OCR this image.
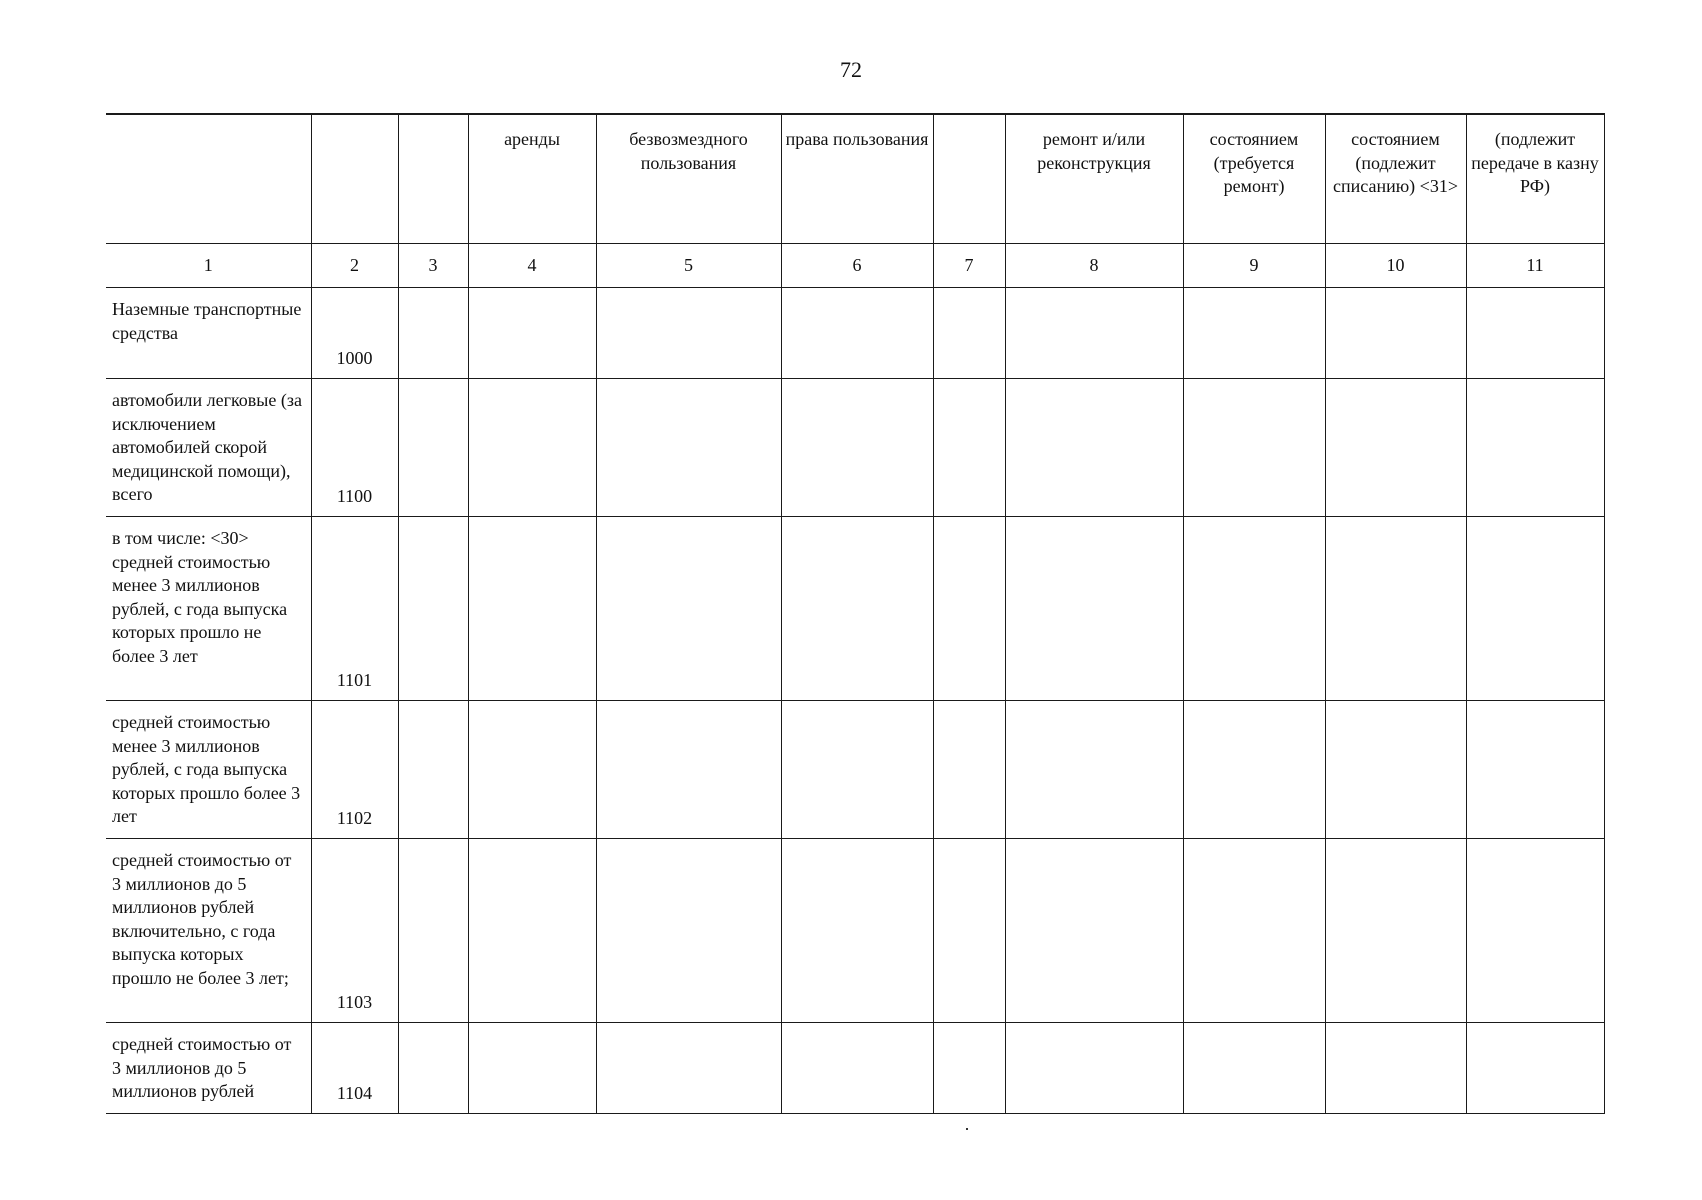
72
			аренды	безвозмездного пользования	права пользования		ремонт и/или реконструкция	состоянием (требуется ремонт)	состоянием (подлежит списанию) <31>	(подлежит передаче в казну РФ)
1	2	3	4	5	6	7	8	9	10	11
Наземные транспортные средства	1000									
автомобили легковые (за исключением автомобилей скорой медицинской помощи), всего	1100									
в том числе: <30> средней стоимостью менее 3 миллионов рублей, с года выпуска которых прошло не более 3 лет	1101									
средней стоимостью менее 3 миллионов рублей, с года выпуска которых прошло более 3 лет	1102									
средней стоимостью от 3 миллионов до 5 миллионов рублей включительно, с года выпуска которых прошло не более 3 лет;	1103									
средней стоимостью от 3 миллионов до 5 миллионов рублей	1104									
